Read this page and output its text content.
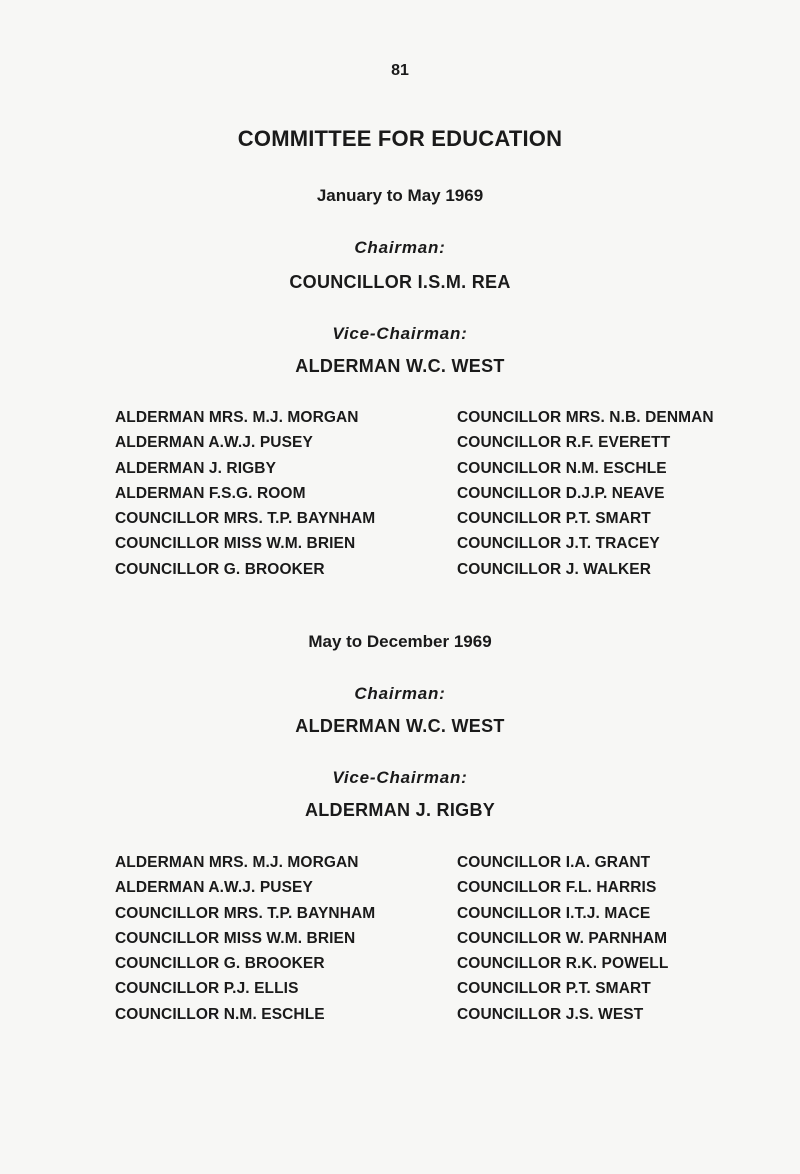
81
COMMITTEE FOR EDUCATION
January to May 1969
Chairman:
COUNCILLOR I.S.M. REA
Vice-Chairman:
ALDERMAN W.C. WEST
ALDERMAN MRS. M.J. MORGAN
ALDERMAN A.W.J. PUSEY
ALDERMAN J. RIGBY
ALDERMAN F.S.G. ROOM
COUNCILLOR MRS. T.P. BAYNHAM
COUNCILLOR MISS W.M. BRIEN
COUNCILLOR G. BROOKER
COUNCILLOR MRS. N.B. DENMAN
COUNCILLOR R.F. EVERETT
COUNCILLOR N.M. ESCHLE
COUNCILLOR D.J.P. NEAVE
COUNCILLOR P.T. SMART
COUNCILLOR J.T. TRACEY
COUNCILLOR J. WALKER
May to December 1969
Chairman:
ALDERMAN W.C. WEST
Vice-Chairman:
ALDERMAN J. RIGBY
ALDERMAN MRS. M.J. MORGAN
ALDERMAN A.W.J. PUSEY
COUNCILLOR MRS. T.P. BAYNHAM
COUNCILLOR MISS W.M. BRIEN
COUNCILLOR G. BROOKER
COUNCILLOR P.J. ELLIS
COUNCILLOR N.M. ESCHLE
COUNCILLOR I.A. GRANT
COUNCILLOR F.L. HARRIS
COUNCILLOR I.T.J. MACE
COUNCILLOR W. PARNHAM
COUNCILLOR R.K. POWELL
COUNCILLOR P.T. SMART
COUNCILLOR J.S. WEST
